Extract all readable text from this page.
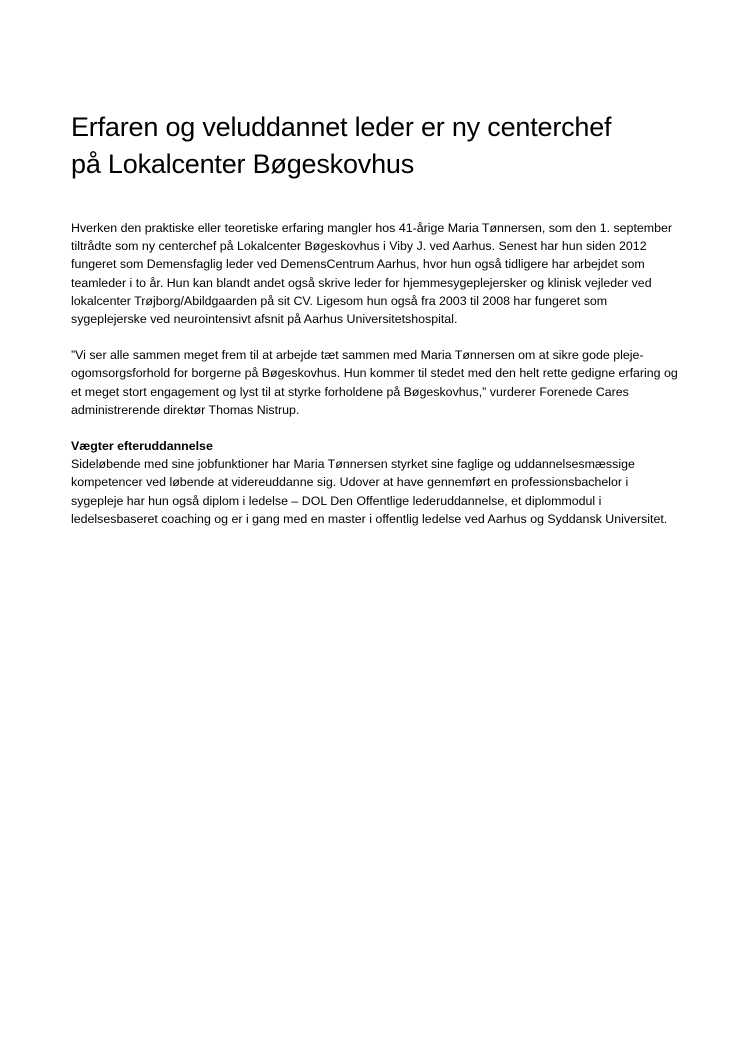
Erfaren og veluddannet leder er ny centerchef
på Lokalcenter Bøgeskovhus

Hverken den praktiske eller teoretiske erfaring mangler hos 41-årige Maria Tønnersen, som den 1. september tiltrådte som ny centerchef på Lokalcenter Bøgeskovhus i Viby J. ved Aarhus. Senest har hun siden 2012 fungeret som Demensfaglig leder ved DemensCentrum Aarhus, hvor hun også tidligere har arbejdet som teamleder i to år. Hun kan blandt andet også skrive leder for hjemmesygeplejersker og klinisk vejleder ved lokalcenter Trøjborg/Abildgaarden på sit CV. Ligesom hun også fra 2003 til 2008 har fungeret som sygeplejerske ved neurointensivt afsnit på Aarhus Universitetshospital.

”Vi ser alle sammen meget frem til at arbejde tæt sammen med Maria Tønnersen om at sikre gode pleje- ogomsorgsforhold for borgerne på Bøgeskovhus. Hun kommer til stedet med den helt rette gedigne erfaring og et meget stort engagement og lyst til at styrke forholdene på Bøgeskovhus,” vurderer Forenede Cares administrerende direktør Thomas Nistrup.

Vægter efteruddannelse

Sideløbende med sine jobfunktioner har Maria Tønnersen styrket sine faglige og uddannelsesmæssige kompetencer ved løbende at videreuddanne sig. Udover at have gennemført en professionsbachelor i sygepleje har hun også diplom i ledelse – DOL Den Offentlige lederuddannelse, et diplommodul i ledelsesbaseret coaching og er i gang med en master i offentlig ledelse ved Aarhus og Syddansk Universitet.
